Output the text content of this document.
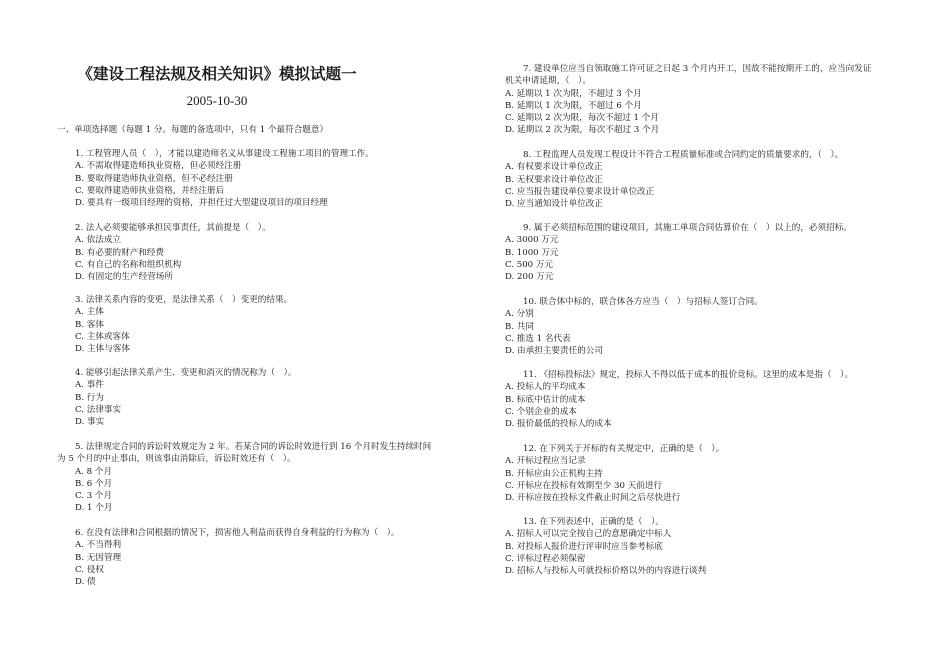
《建设工程法规及相关知识》模拟试题一
2005-10-30
一、单项选择题（每题 1 分。每题的备选项中，只有 1 个最符合题意）

1. 工程管理人员（　），才能以建造师名义从事建设工程施工项目的管理工作。

A. 不需取得建造师执业资格，但必须经注册

B. 要取得建造师执业资格，但不必经注册

C. 要取得建造师执业资格，并经注册后

D. 要具有一级项目经理的资格，并担任过大型建设项目的项目经理

2. 法人必须要能够承担民事责任，其前提是（　）。

A. 依法成立

B. 有必要的财产和经费

C. 有自己的名称和组织机构

D. 有固定的生产经营场所

3. 法律关系内容的变更，是法律关系（　）变更的结果。

A. 主体

B. 客体

C. 主体或客体

D. 主体与客体

4. 能够引起法律关系产生、变更和消灭的情况称为（　）。

A. 事件

B. 行为

C. 法律事实

D. 事实

5. 法律规定合同的诉讼时效规定为 2 年。若某合同的诉讼时效进行到 16 个月时发生持续时间

为 5 个月的中止事由，则该事由消除后，诉讼时效还有（　）。

A. 8 个月

B. 6 个月

C. 3 个月

D. 1 个月

6. 在没有法律和合同根据的情况下，损害他人利益而获得自身利益的行为称为（　）。

A. 不当得利

B. 无因管理

C. 侵权

D. 债

7. 建设单位应当自领取施工许可证之日起 3 个月内开工，因故不能按期开工的，应当向发证

机关申请延期，（　）。

A. 延期以 1 次为限，不超过 3 个月

B. 延期以 1 次为限，不超过 6 个月

C. 延期以 2 次为限，每次不超过 1 个月

D. 延期以 2 次为限，每次不超过 3 个月

8. 工程监理人员发现工程设计不符合工程质量标准或合同约定的质量要求的，（　）。

A. 有权要求设计单位改正

B. 无权要求设计单位改正

C. 应当报告建设单位要求设计单位改正

D. 应当通知设计单位改正

9. 属于必须招标范围的建设项目，其施工单项合同估算价在（　）以上的，必须招标。

A. 3000 万元

B. 1000 万元

C. 500 万元

D. 200 万元

10. 联合体中标的，联合体各方应当（　）与招标人签订合同。

A. 分别

B. 共同

C. 推选 1 名代表

D. 由承担主要责任的公司

11. 《招标投标法》规定，投标人不得以低于成本的报价竞标。这里的成本是指（　）。

A. 投标人的平均成本

B. 标底中估计的成本

C. 个别企业的成本

D. 报价最低的投标人的成本

12. 在下列关于开标的有关规定中，正确的是（　）。

A. 开标过程应当记录

B. 开标应由公正机构主持

C. 开标应在投标有效期至少 30 天前进行

D. 开标应按在投标文件截止时间之后尽快进行

13. 在下列表述中，正确的是（　）。

A. 招标人可以完全按自己的意愿确定中标人

B. 对投标人报价进行评审时应当参考标底

C. 评标过程必须保密

D. 招标人与投标人可就投标价格以外的内容进行谈判
